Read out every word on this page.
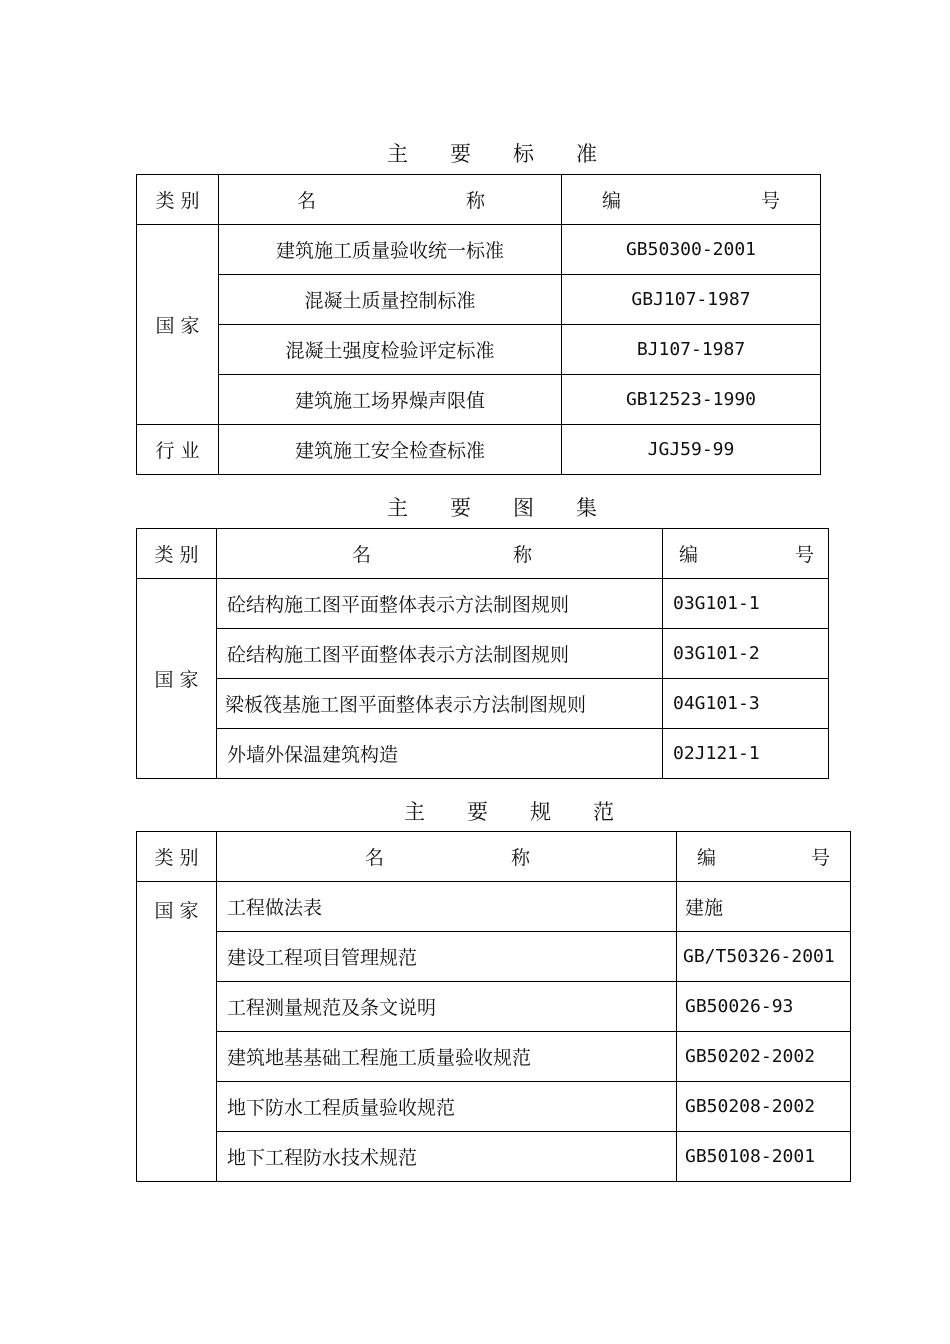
主　　要　　标　　准
类 别	名 称	编 号

国 家	建筑施工质量验收统一标准	GB50300-2001
	混凝土质量控制标准	GBJ107-1987
	混凝土强度检验评定标准	BJ107-1987
	建筑施工场界燥声限值	GB12523-1990
行 业	建筑施工安全检查标准	JGJ59-99
主　　要　　图　　集
类 别	名 称	编 号

国 家	砼结构施工图平面整体表示方法制图规则	03G101-1
	砼结构施工图平面整体表示方法制图规则	03G101-2
	梁板筏基施工图平面整体表示方法制图规则	04G101-3
	外墙外保温建筑构造	02J121-1
主　　要　　规　　范
类 别	名 称	编 号

国 家	工程做法表	建施
	建设工程项目管理规范	GB/T50326-2001
	工程测量规范及条文说明	GB50026-93
	建筑地基基础工程施工质量验收规范	GB50202-2002
	地下防水工程质量验收规范	GB50208-2002
	地下工程防水技术规范	GB50108-2001
